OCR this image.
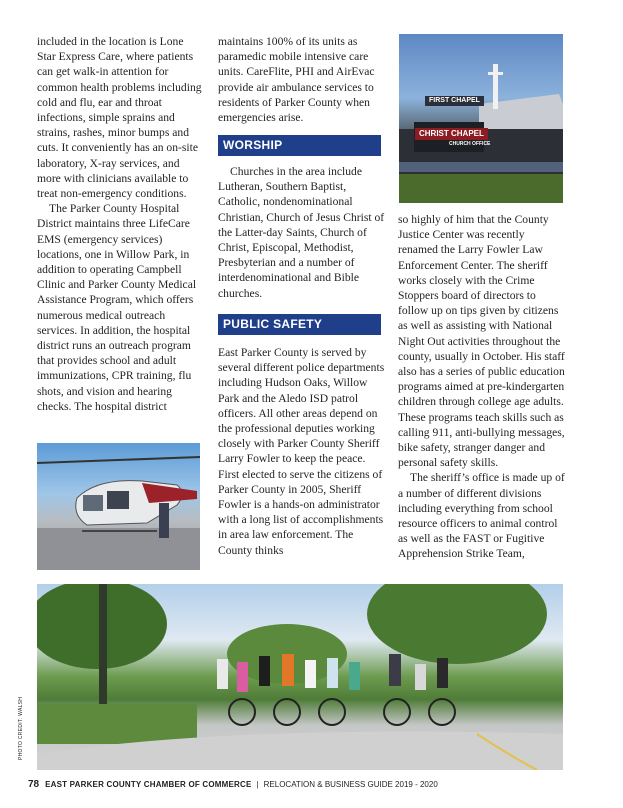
included in the location is Lone Star Express Care, where patients can get walk-in attention for common health problems including cold and flu, ear and throat infections, simple sprains and strains, rashes, minor bumps and cuts. It conveniently has an on-site laboratory, X-ray services, and more with clinicians available to treat non-emergency conditions.

The Parker County Hospital District maintains three LifeCare EMS (emergency services) locations, one in Willow Park, in addition to operating Campbell Clinic and Parker County Medical Assistance Program, which offers numerous medical outreach services. In addition, the hospital district runs an outreach program that provides school and adult immunizations, CPR training, flu shots, and vision and hearing checks. The hospital district

maintains 100% of its units as paramedic mobile intensive care units. CareFlite, PHI and AirEvac provide air ambulance services to residents of Parker County when emergencies arise.

WORSHIP

Churches in the area include Lutheran, Southern Baptist, Catholic, nondenominational Christian, Church of Jesus Christ of the Latter-day Saints, Church of Christ, Episcopal, Methodist, Presbyterian and a number of interdenominational and Bible churches.

PUBLIC SAFETY

East Parker County is served by several different police departments including Hudson Oaks, Willow Park and the Aledo ISD patrol officers. All other areas depend on the professional deputies working closely with Parker County Sheriff Larry Fowler to keep the peace. First elected to serve the citizens of Parker County in 2005, Sheriff Fowler is a hands-on administrator with a long list of accomplishments in area law enforcement. The County thinks

FIRST CHAPEL
CHRIST CHAPEL
CHURCH OFFICE

so highly of him that the County Justice Center was recently renamed the Larry Fowler Law Enforcement Center. The sheriff works closely with the Crime Stoppers board of directors to follow up on tips given by citizens as well as assisting with National Night Out activities throughout the county, usually in October. His staff also has a series of public education programs aimed at pre-kindergarten children through college age adults. These programs teach skills such as calling 911, anti-bullying messages, bike safety, stranger danger and personal safety skills.

The sheriff’s office is made up of a number of different divisions including everything from school resource officers to animal control as well as the FAST or Fugitive Apprehension Strike Team,

PHOTO CREDIT: WALSH
78 EAST PARKER COUNTY CHAMBER OF COMMERCE | RELOCATION & BUSINESS GUIDE 2019 - 2020
